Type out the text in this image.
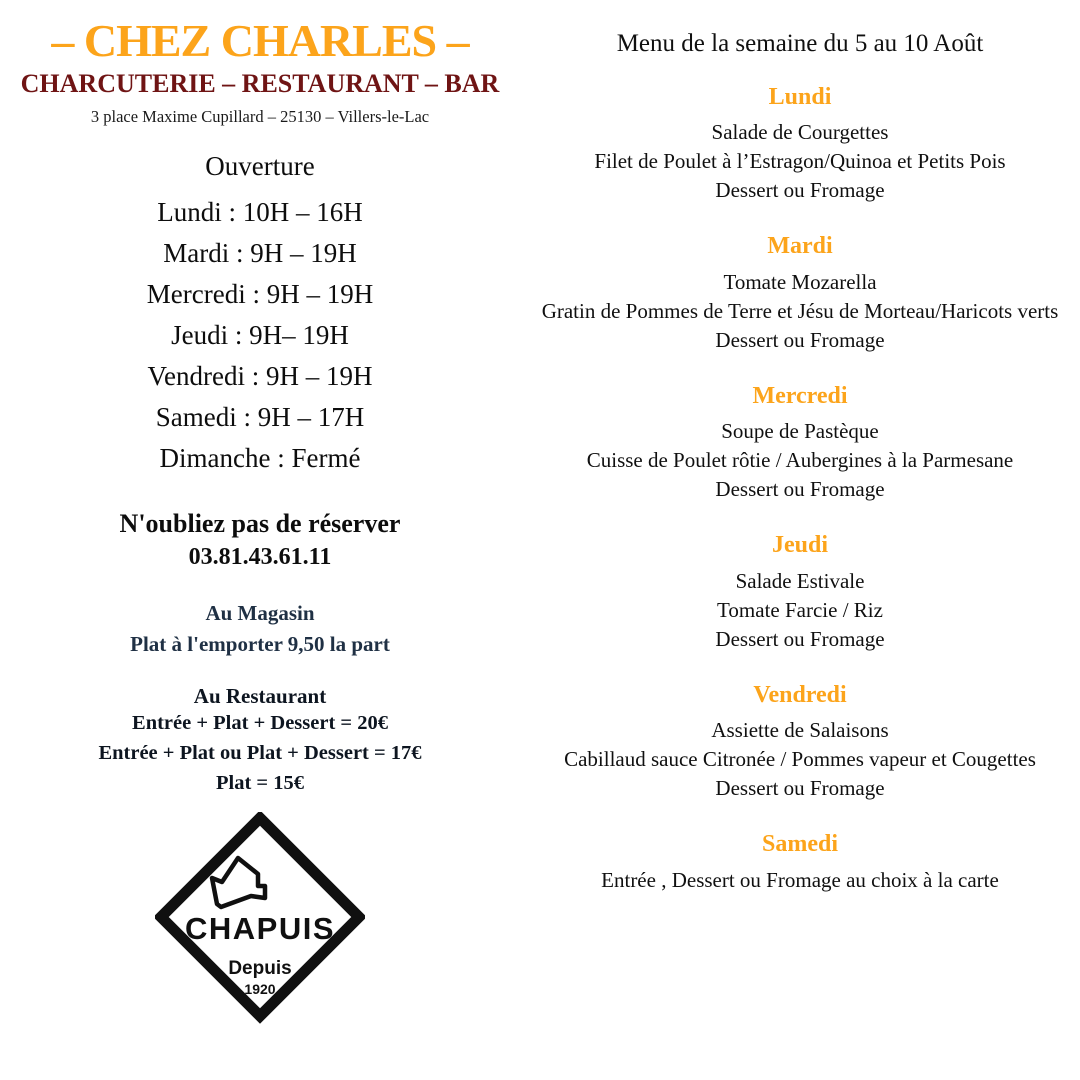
– CHEZ CHARLES –
CHARCUTERIE – RESTAURANT – BAR
3 place Maxime Cupillard – 25130 – Villers-le-Lac
Ouverture
Lundi : 10H – 16H
Mardi : 9H – 19H
Mercredi : 9H – 19H
Jeudi : 9H– 19H
Vendredi : 9H – 19H
Samedi : 9H – 17H
Dimanche : Fermé
N'oubliez pas de réserver
03.81.43.61.11
Au Magasin
Plat à l'emporter 9,50 la part
Au Restaurant
Entrée + Plat + Dessert = 20€
Entrée + Plat ou Plat + Dessert = 17€
Plat = 15€
CHAPUIS
Depuis
1920
Menu de la semaine du 5 au 10 Août
Lundi

Salade de Courgettes

Filet de Poulet à l’Estragon/Quinoa et Petits Pois

Dessert ou Fromage

Mardi

Tomate Mozarella

Gratin de Pommes de Terre et Jésu de Morteau/Haricots verts

Dessert ou Fromage

Mercredi

Soupe de Pastèque

Cuisse de Poulet rôtie / Aubergines à la Parmesane

Dessert ou Fromage

Jeudi

Salade Estivale

Tomate Farcie / Riz

Dessert ou Fromage

Vendredi

Assiette de Salaisons

Cabillaud sauce Citronée / Pommes vapeur et Cougettes

Dessert ou Fromage

Samedi

Entrée , Dessert ou Fromage au choix à la carte
